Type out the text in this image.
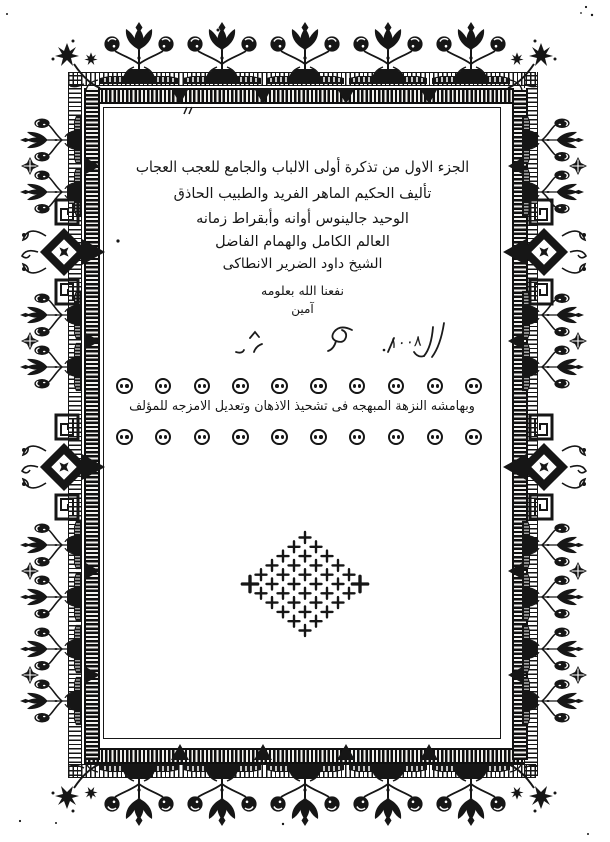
الجزء الاول من تذكرة أولى الالباب والجامع للعجب العجاب
تأليف الحكيم الماهر الفريد والطبيب الحاذق
الوحيد جالينوس أوانه وأبقراط زمانه
العالم الكامل والهمام الفاضل
الشيخ داود الضرير الانطاكى
نفعنا الله بعلومه
آمين
١٠٠٨
وبهامشه النزهة المبهجه فى تشحيذ الاذهان وتعديل الامزجه للمؤلف
